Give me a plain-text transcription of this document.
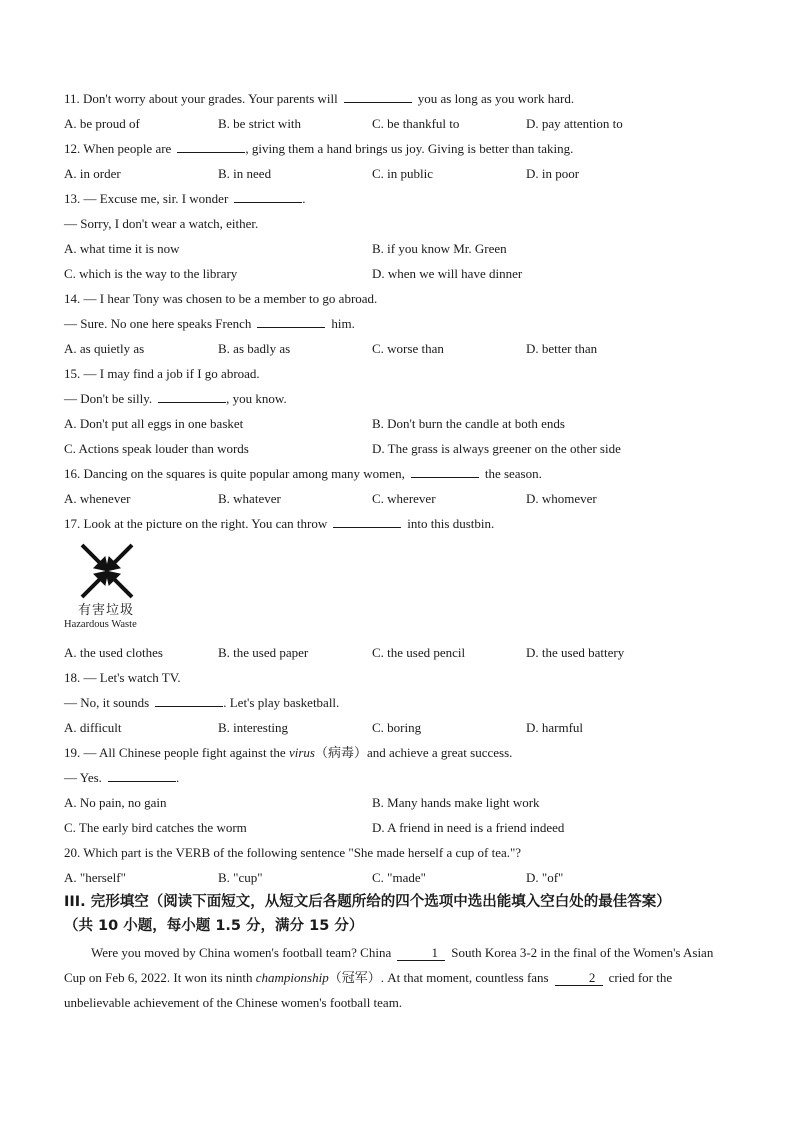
11. Don't worry about your grades. Your parents will	you as long as you work hard.
A. be proud of	B. be strict with	C. be thankful to	D. pay attention to
12. When people are	, giving them a hand brings us joy. Giving is better than taking.
A. in order	B. in need	C. in public	D. in poor
13. — Excuse me, sir. I wonder	.
— Sorry, I don't wear a watch, either.
A. what time it is now	B. if you know Mr. Green
C. which is the way to the library	D. when we will have dinner
14. — I hear Tony was chosen to be a member to go abroad.
— Sure. No one here speaks French	him.
A. as quietly as	B. as badly as	C. worse than	D. better than
15. — I may find a job if I go abroad.
— Don't be silly.	, you know.
A. Don't put all eggs in one basket	B. Don't burn the candle at both ends
C. Actions speak louder than words	D. The grass is always greener on the other side
16. Dancing on the squares is quite popular among many women,	the season.
A. whenever	B. whatever	C. wherever	D. whomever
17. Look at the picture on the right. You can throw	into this dustbin.
有害垃圾
Hazardous Waste
A. the used clothes	B. the used paper	C. the used pencil	D. the used battery
18. — Let's watch TV.
— No, it sounds	. Let's play basketball.
A. difficult	B. interesting	C. boring	D. harmful
19. — All Chinese people fight against the virus（病毒）and achieve a great success.
— Yes.	.
A. No pain, no gain	B. Many hands make light work
C. The early bird catches the worm	D. A friend in need is a friend indeed
20. Which part is the VERB of the following sentence "She made herself a cup of tea."?
A. "herself"	B. "cup"	C. "made"	D. "of"
III. 完形填空（阅读下面短文，从短文后各题所给的四个选项中选出能填入空白处的最佳答案）
（共 10 小题，每小题 1.5 分，满分 15 分）
Were you moved by China women's football team? China	1 South Korea 3-2 in the final of the Women's Asian Cup on Feb 6, 2022. It won its ninth championship（冠军）. At that moment, countless fans	2 cried for the unbelievable achievement of the Chinese women's football team.
